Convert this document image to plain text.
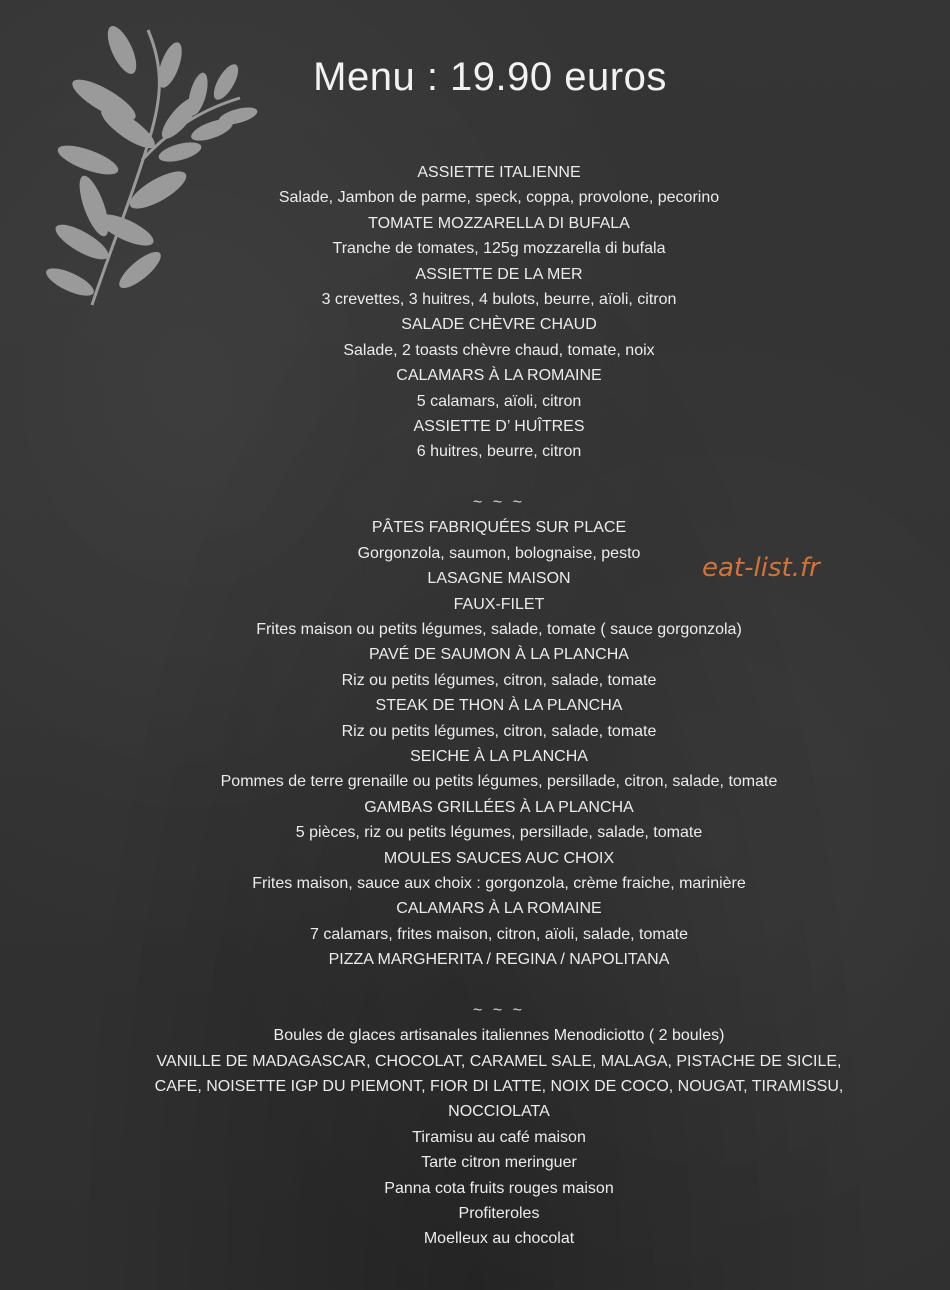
Menu : 19.90 euros
ASSIETTE ITALIENNE
Salade, Jambon de parme, speck, coppa, provolone, pecorino
TOMATE MOZZARELLA DI BUFALA
Tranche de tomates, 125g mozzarella di bufala
ASSIETTE DE LA MER
3 crevettes, 3 huitres, 4 bulots, beurre, aïoli, citron
SALADE CHÈVRE CHAUD
Salade, 2 toasts chèvre chaud, tomate, noix
CALAMARS À LA ROMAINE
5 calamars, aïoli, citron
ASSIETTE D’ HUÎTRES
6 huitres, beurre, citron
~ ~ ~
PÂTES FABRIQUÉES SUR PLACE
Gorgonzola, saumon, bolognaise, pesto
LASAGNE MAISON
FAUX-FILET
Frites maison ou petits légumes, salade, tomate ( sauce gorgonzola)
PAVÉ DE SAUMON À LA PLANCHA
Riz ou petits légumes, citron, salade, tomate
STEAK DE THON À LA PLANCHA
Riz ou petits légumes, citron, salade, tomate
SEICHE À LA PLANCHA
Pommes de terre grenaille ou petits légumes, persillade, citron, salade, tomate
GAMBAS GRILLÉES À LA PLANCHA
5 pièces, riz ou petits légumes, persillade, salade, tomate
MOULES SAUCES AUC CHOIX
Frites maison, sauce aux choix : gorgonzola, crème fraiche, marinière
CALAMARS À LA ROMAINE
7 calamars, frites maison, citron, aïoli, salade, tomate
PIZZA MARGHERITA / REGINA / NAPOLITANA
~ ~ ~
Boules de glaces artisanales italiennes Menodiciotto ( 2 boules)
VANILLE DE MADAGASCAR, CHOCOLAT, CARAMEL SALE, MALAGA, PISTACHE DE SICILE,
CAFE, NOISETTE IGP DU PIEMONT, FIOR DI LATTE, NOIX DE COCO, NOUGAT, TIRAMISSU,
NOCCIOLATA
Tiramisu au café maison
Tarte citron meringuer
Panna cota fruits rouges maison
Profiteroles
Moelleux au chocolat
eat-list.fr
